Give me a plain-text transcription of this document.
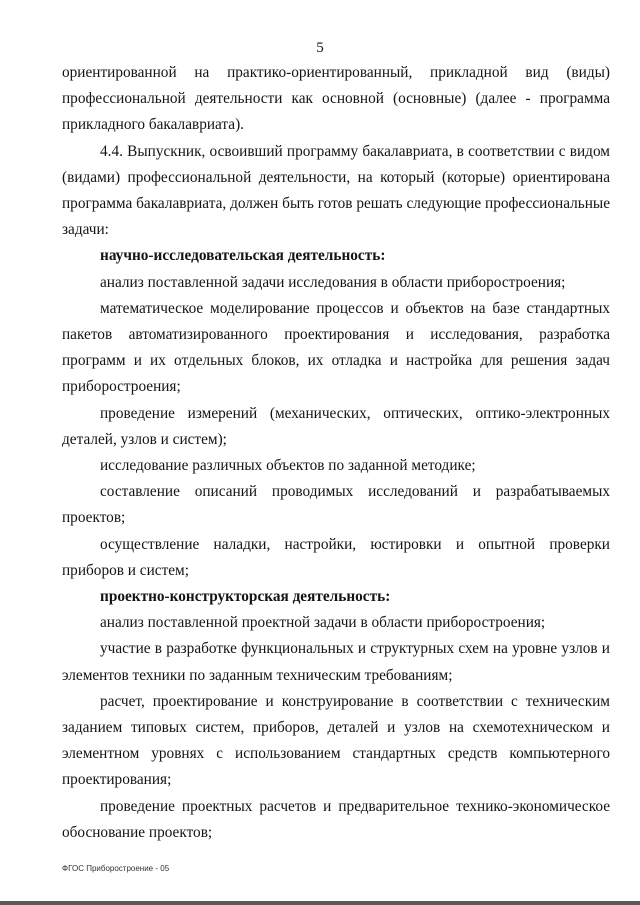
5

ориентированной на практико-ориентированный, прикладной вид (виды) профессиональной деятельности как основной (основные) (далее - программа прикладного бакалавриата).

4.4. Выпускник, освоивший программу бакалавриата, в соответствии с видом (видами) профессиональной деятельности, на который (которые) ориентирована программа бакалавриата, должен быть готов решать следующие профессиональные задачи:

научно-исследовательская деятельность:

анализ поставленной задачи исследования в области приборостроения;

математическое моделирование процессов и объектов на базе стандартных пакетов автоматизированного проектирования и исследования, разработка программ и их отдельных блоков, их отладка и настройка для решения задач приборостроения;

проведение измерений (механических, оптических, оптико-электронных деталей, узлов и систем);

исследование различных объектов по заданной методике;

составление описаний проводимых исследований и разрабатываемых проектов;

осуществление наладки, настройки, юстировки и опытной проверки приборов и систем;

проектно-конструкторская деятельность:

анализ поставленной проектной задачи в области приборостроения;

участие в разработке функциональных и структурных схем на уровне узлов и элементов техники по заданным техническим требованиям;

расчет, проектирование и конструирование в соответствии с техническим заданием типовых систем, приборов, деталей и узлов на схемотехническом и элементном уровнях с использованием стандартных средств компьютерного проектирования;

проведение проектных расчетов и предварительное технико-экономическое обоснование проектов;

ФГОС Приборостроение - 05
